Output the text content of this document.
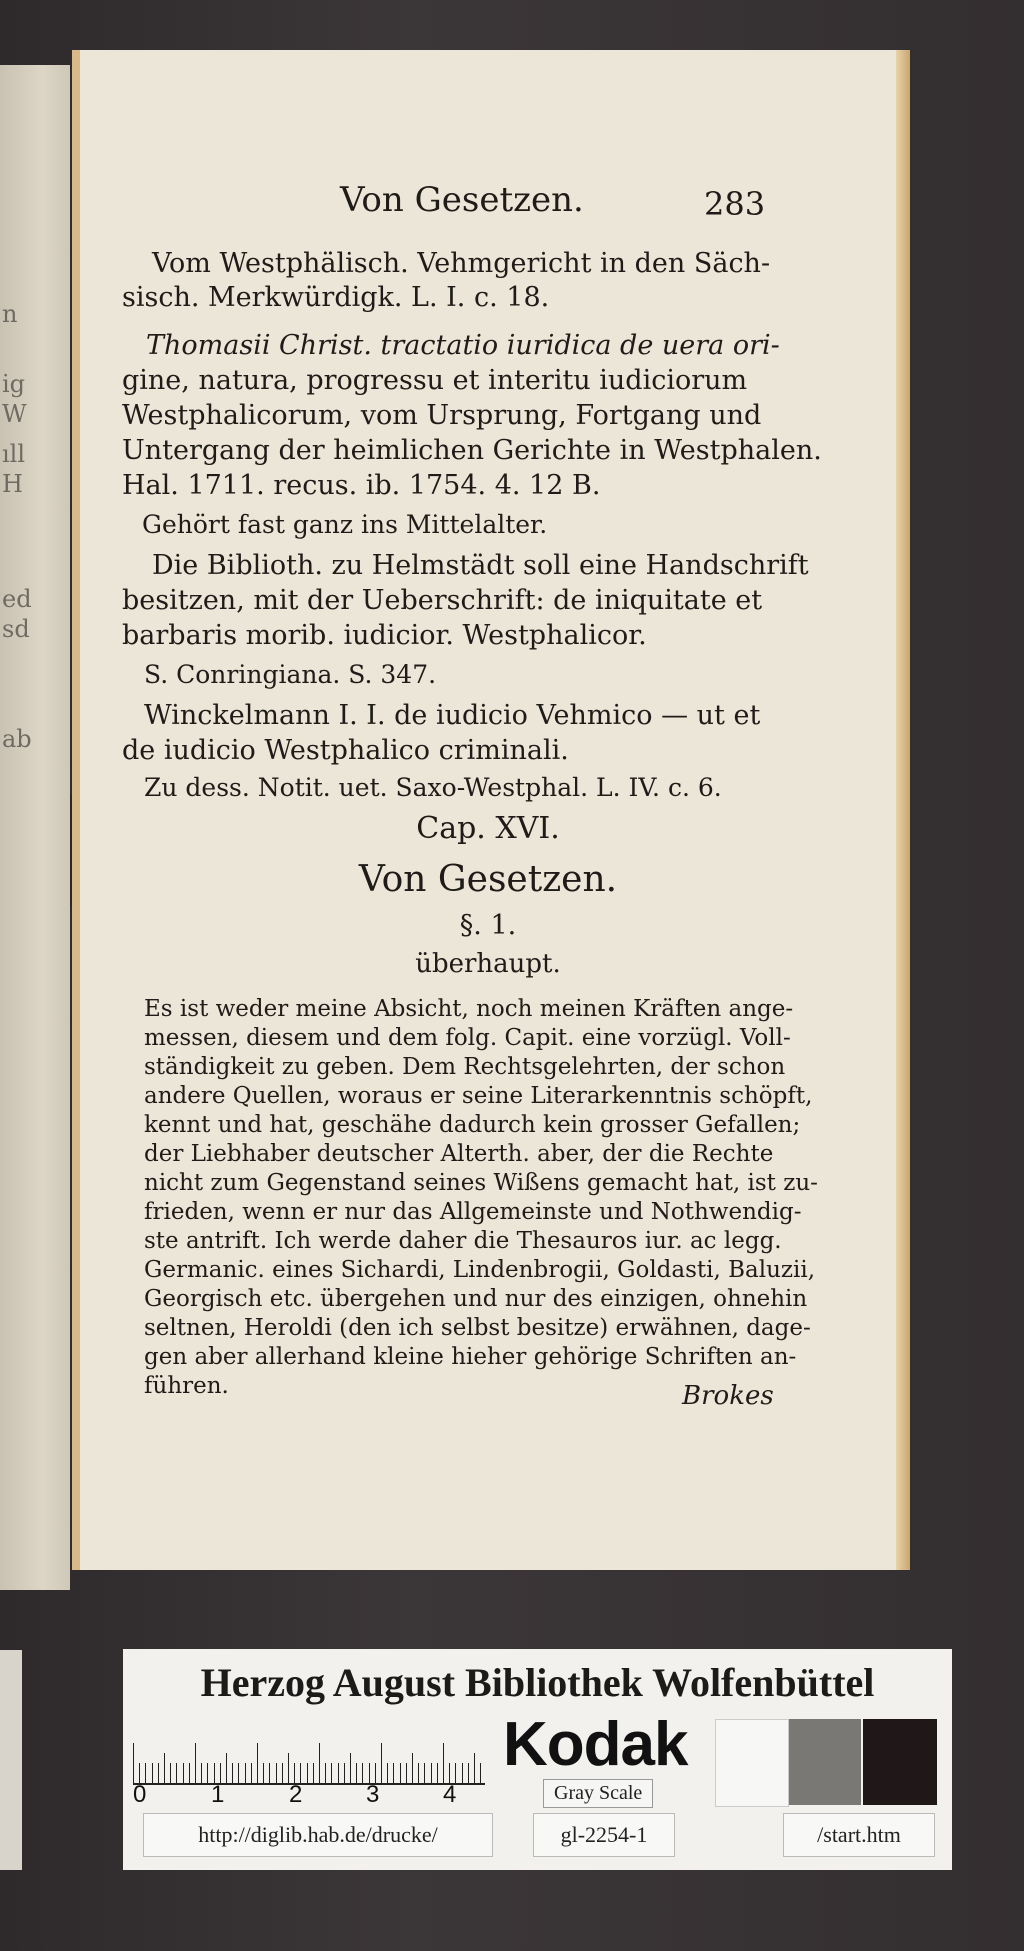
n
ig
W
ıll
H
ed
sd
ab
Von Gesetzen.	283
Vom Westphälisch. Vehmgericht in den Säch-
sisch. Merkwürdigk. L. I. c. 18.
Thomasii Christ. tractatio iuridica de uera ori-
gine, natura, progressu et interitu iudiciorum
Westphalicorum, vom Ursprung, Fortgang und
Untergang der heimlichen Gerichte in Westphalen.
Hal. 1711. recus. ib. 1754. 4. 12 B.
Gehört fast ganz ins Mittelalter.
Die Biblioth. zu Helmstädt soll eine Handschrift
besitzen, mit der Ueberschrift: de iniquitate et
barbaris morib. iudicior. Westphalicor.
S. Conringiana. S. 347.
Winckelmann I. I. de iudicio Vehmico — ut et
de iudicio Westphalico criminali.
Zu dess. Notit. uet. Saxo-Westphal. L. IV. c. 6.
Cap. XVI.
Von Gesetzen.
§. 1.
überhaupt.
Es ist weder meine Absicht, noch meinen Kräften ange-
messen, diesem und dem folg. Capit. eine vorzügl. Voll-
ständigkeit zu geben. Dem Rechtsgelehrten, der schon
andere Quellen, woraus er seine Literarkenntnis schöpft,
kennt und hat, geschähe dadurch kein grosser Gefallen;
der Liebhaber deutscher Alterth. aber, der die Rechte
nicht zum Gegenstand seines Wißens gemacht hat, ist zu-
frieden, wenn er nur das Allgemeinste und Nothwendig-
ste antrift. Ich werde daher die Thesauros iur. ac legg.
Germanic. eines Sichardi, Lindenbrogii, Goldasti, Baluzii,
Georgisch etc. übergehen und nur des einzigen, ohnehin
seltnen, Heroldi (den ich selbst besitze) erwähnen, dage-
gen aber allerhand kleine hieher gehörige Schriften an-
führen.	Brokes
Herzog August Bibliothek Wolfenbüttel
0	1	2	3	4
Kodak
Gray Scale
http://diglib.hab.de/drucke/	gl-2254-1	/start.htm
